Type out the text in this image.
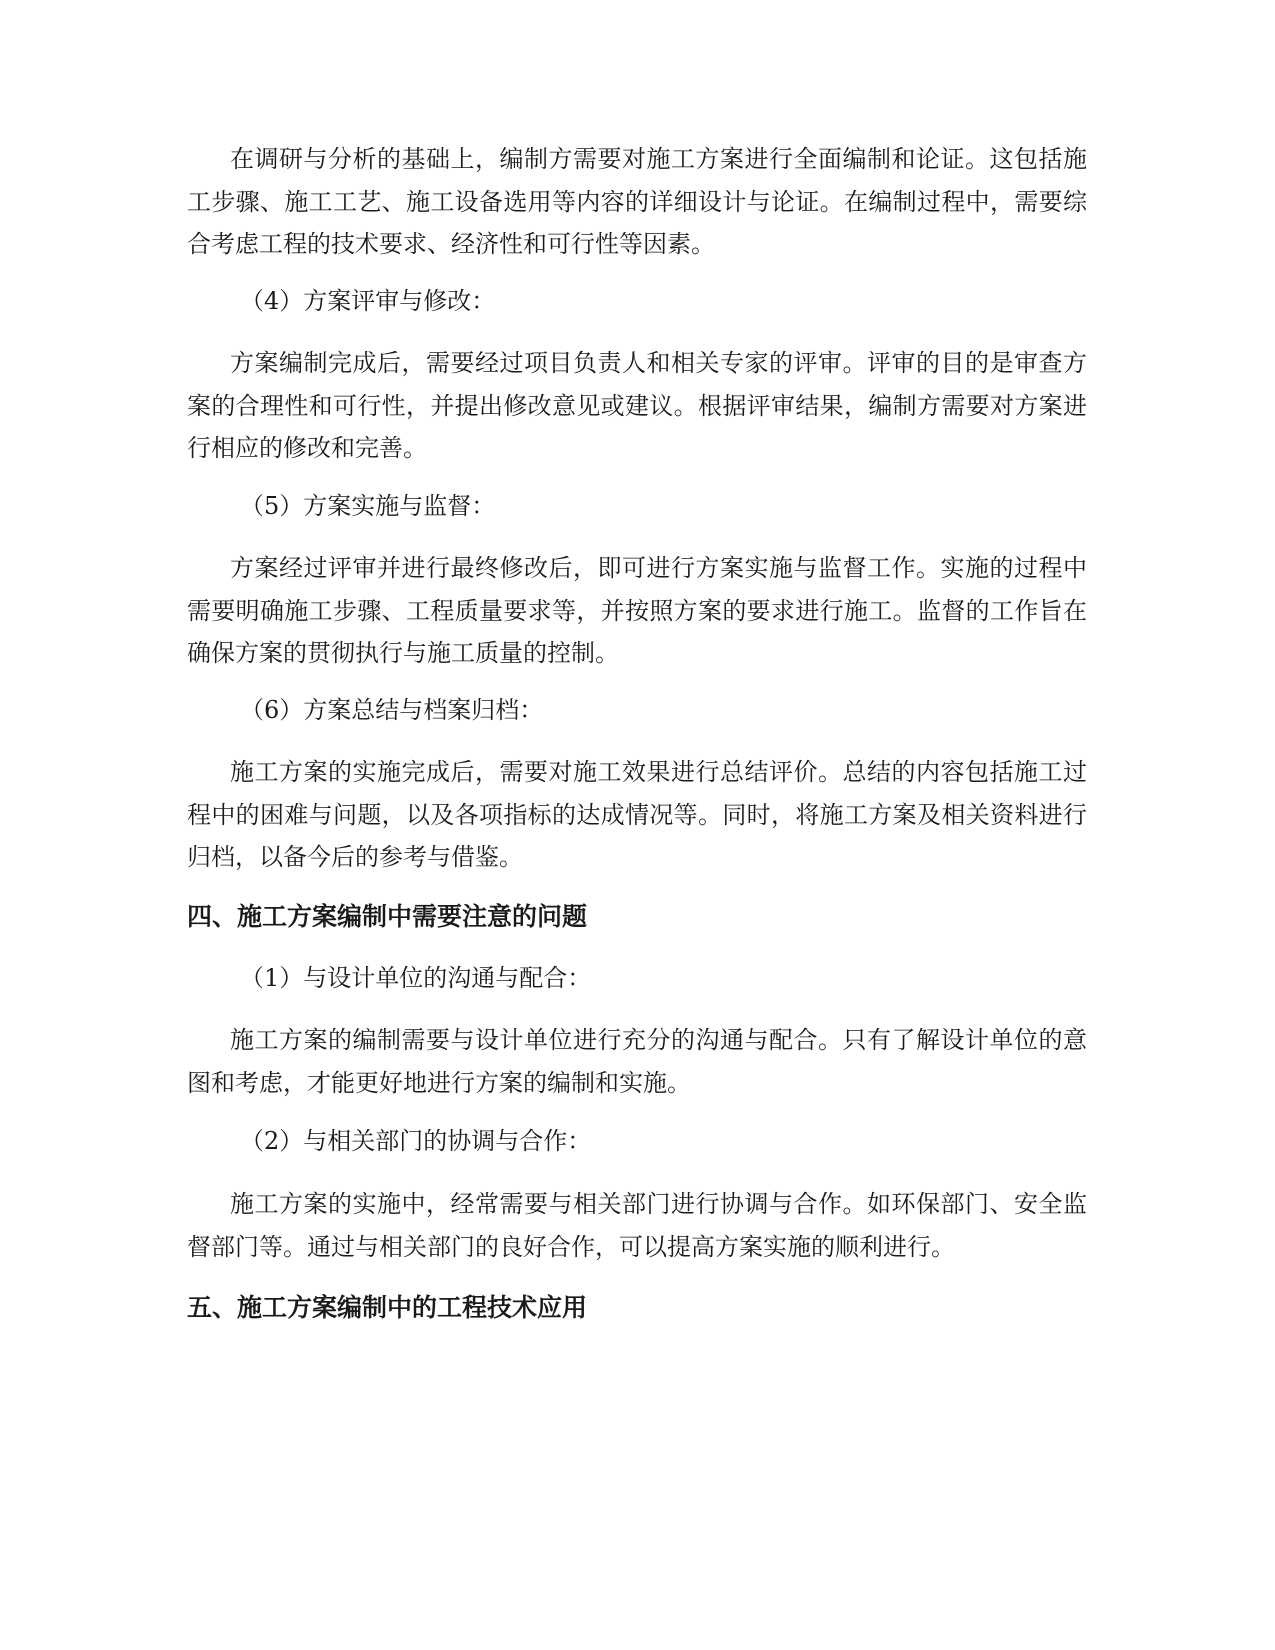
在调研与分析的基础上，编制方需要对施工方案进行全面编制和论证。这包括施工步骤、施工工艺、施工设备选用等内容的详细设计与论证。在编制过程中，需要综合考虑工程的技术要求、经济性和可行性等因素。

（4）方案评审与修改：

方案编制完成后，需要经过项目负责人和相关专家的评审。评审的目的是审查方案的合理性和可行性，并提出修改意见或建议。根据评审结果，编制方需要对方案进行相应的修改和完善。

（5）方案实施与监督：

方案经过评审并进行最终修改后，即可进行方案实施与监督工作。实施的过程中需要明确施工步骤、工程质量要求等，并按照方案的要求进行施工。监督的工作旨在确保方案的贯彻执行与施工质量的控制。

（6）方案总结与档案归档：

施工方案的实施完成后，需要对施工效果进行总结评价。总结的内容包括施工过程中的困难与问题，以及各项指标的达成情况等。同时，将施工方案及相关资料进行归档，以备今后的参考与借鉴。

四、施工方案编制中需要注意的问题

（1）与设计单位的沟通与配合：

施工方案的编制需要与设计单位进行充分的沟通与配合。只有了解设计单位的意图和考虑，才能更好地进行方案的编制和实施。

（2）与相关部门的协调与合作：

施工方案的实施中，经常需要与相关部门进行协调与合作。如环保部门、安全监督部门等。通过与相关部门的良好合作，可以提高方案实施的顺利进行。

五、施工方案编制中的工程技术应用
